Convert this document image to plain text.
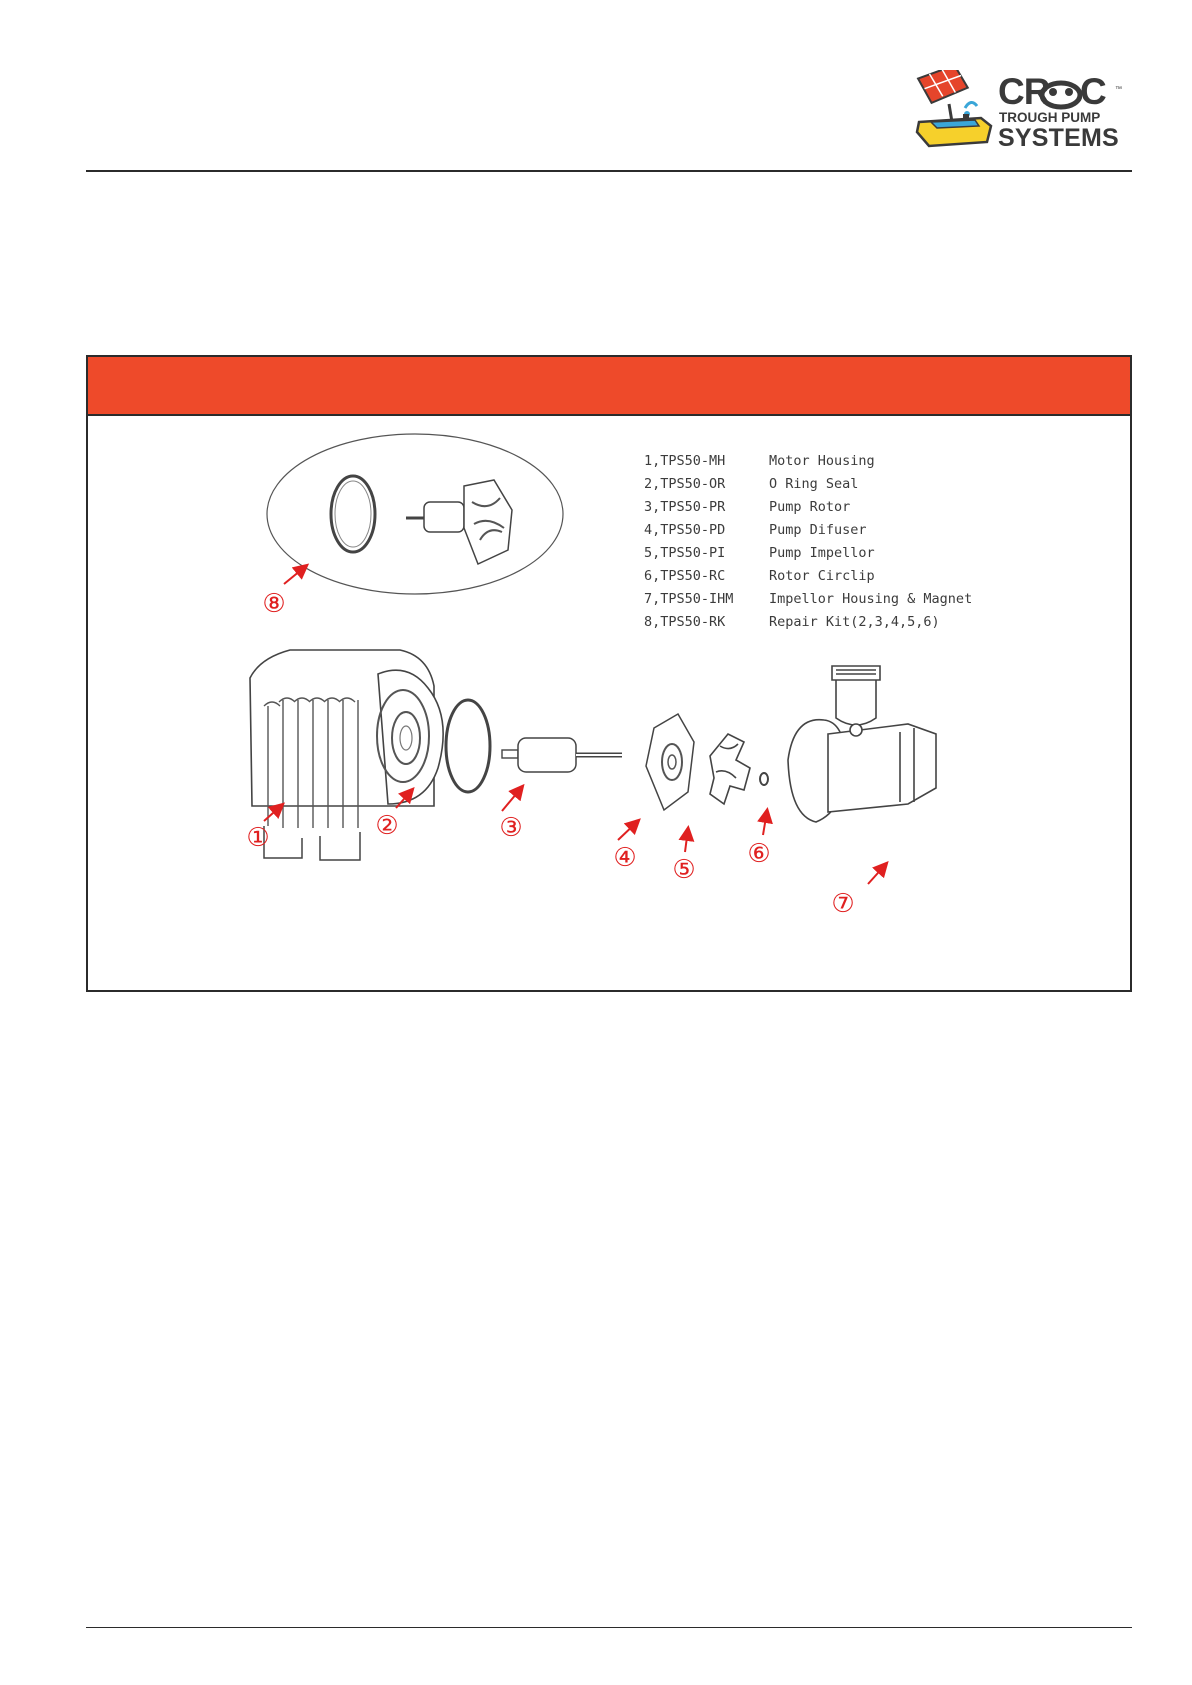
CR C ™
TROUGH PUMP
SYSTEMS
⑧
①	②	③
④ ⑤
⑥
⑦
1,TPS50-MH	Motor Housing
2,TPS50-OR	O Ring Seal
3,TPS50-PR	Pump Rotor
4,TPS50-PD	Pump Difuser
5,TPS50-PI	Pump Impellor
6,TPS50-RC	Rotor Circlip
7,TPS50-IHM	Impellor Housing & Magnet
8,TPS50-RK	Repair Kit(2,3,4,5,6)
